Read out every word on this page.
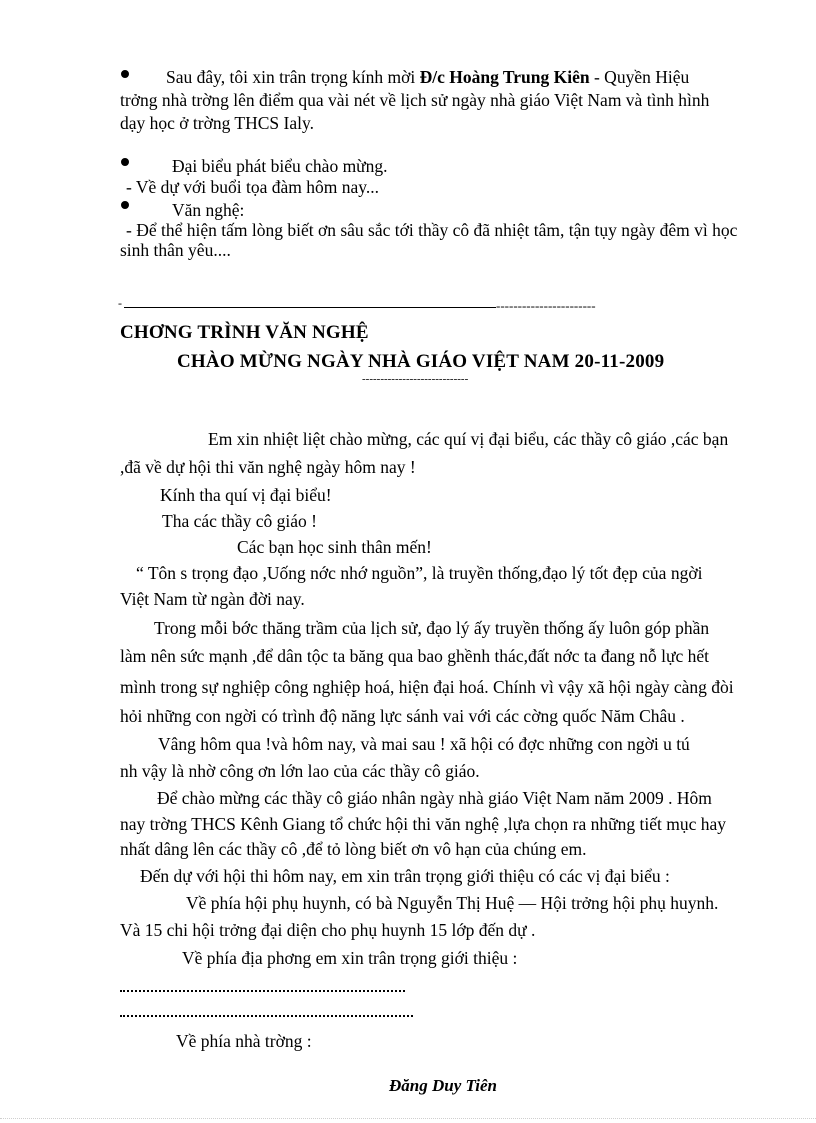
Sau đây, tôi xin trân trọng kính mời Đ/c Hoàng Trung Kiên - Quyền Hiệu
trởng nhà trờng lên điểm qua vài nét về lịch sử ngày nhà giáo Việt Nam và tình hình
dạy học ở trờng THCS Ialy.
Đại biểu phát biểu chào mừng.
- Về dự với buổi tọa đàm hôm nay...
Văn nghệ:
- Để thể hiện tấm lòng biết ơn sâu sắc tới thầy cô đã nhiệt tâm, tận tụy ngày đêm vì học
sinh thân yêu....
-	-----------------------
CHƠNG TRÌNH VĂN NGHỆ
CHÀO MỪNG NGÀY NHÀ GIÁO VIỆT NAM 20-11-2009
-----------------------------
Em xin nhiệt liệt chào mừng, các quí vị đại biểu, các thầy cô giáo ,các bạn
,đã về dự hội thi văn nghệ ngày hôm nay !
Kính tha quí vị đại biểu!
Tha các thầy cô giáo !
Các bạn học sinh thân mến!
“ Tôn s trọng đạo ,Uống nớc nhớ nguồn”, là truyền thống,đạo lý tốt đẹp của ngời
Việt Nam từ ngàn đời nay.
Trong mỗi bớc thăng trầm của lịch sử, đạo lý ấy truyền thống ấy luôn góp phần
làm nên sức mạnh ,để dân tộc ta băng qua bao ghềnh thác,đất nớc ta đang nỗ lực hết
mình trong sự nghiệp công nghiệp hoá, hiện đại hoá. Chính vì vậy xã hội ngày càng đòi
hỏi những con ngời có trình độ năng lực sánh vai với các cờng quốc Năm Châu .
Vâng hôm qua !và hôm nay, và mai sau ! xã hội có đợc những con ngời u tú
nh vậy là nhờ công ơn lớn lao của các thầy cô giáo.
Để chào mừng các thầy cô giáo nhân ngày nhà giáo Việt Nam năm 2009 . Hôm
nay trờng THCS Kênh Giang tổ chức hội thi văn nghệ ,lựa chọn ra những tiết mục hay
nhất dâng lên các thầy cô ,để tỏ lòng biết ơn vô hạn của chúng em.
Đến dự với hội thi hôm nay, em xin trân trọng giới thiệu có các vị đại biểu :
Về phía hội phụ huynh, có bà Nguyễn Thị Huệ — Hội trởng hội phụ huynh.
Và 15 chi hội trởng đại diện cho phụ huynh 15 lớp đến dự .
Về phía địa phơng em xin trân trọng giới thiệu :
Về phía nhà trờng :
Đăng Duy Tiên
